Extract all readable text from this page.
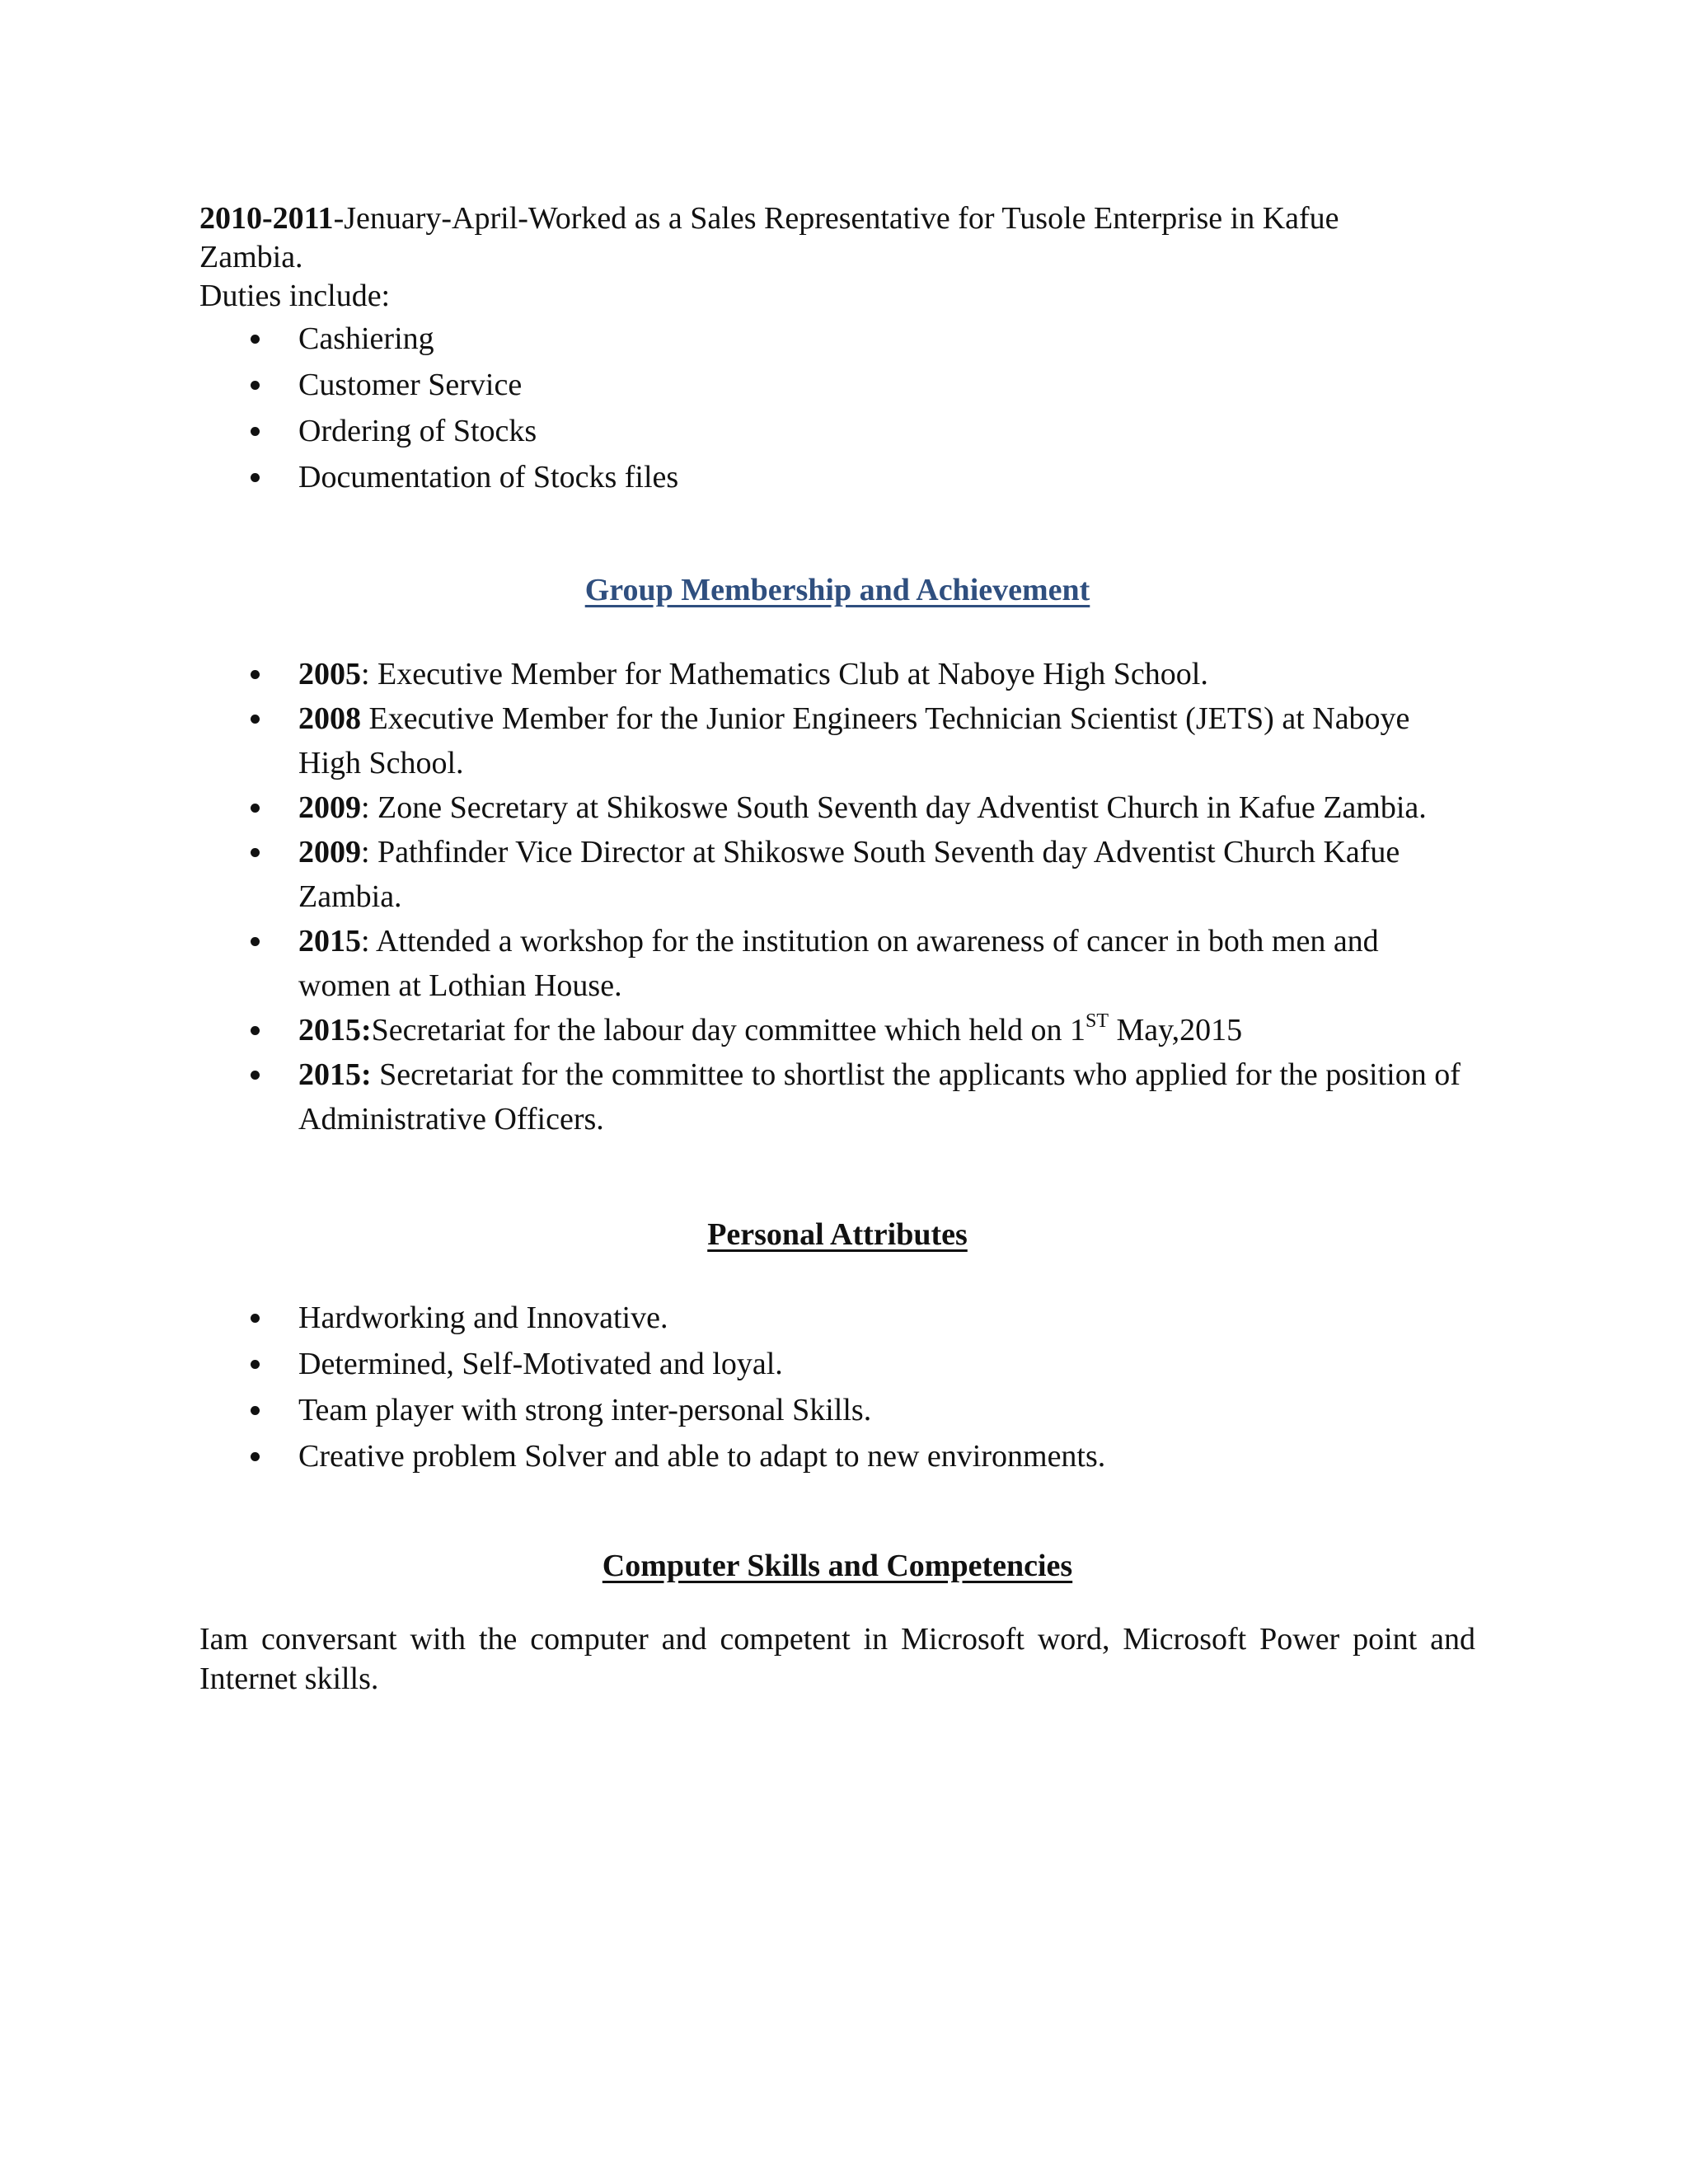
2010-2011-Jenuary-April-Worked as a Sales Representative for Tusole Enterprise in Kafue

Zambia.

Duties include:

Cashiering
Customer Service
Ordering of Stocks
Documentation of Stocks files

Group Membership and Achievement

2005: Executive Member for Mathematics Club at Naboye High School.
2008 Executive Member for the Junior Engineers Technician Scientist (JETS) at Naboye High School.
2009: Zone Secretary at Shikoswe South Seventh day Adventist Church in Kafue Zambia.
2009: Pathfinder Vice Director at Shikoswe South Seventh day Adventist Church Kafue Zambia.
2015: Attended a workshop for the institution on awareness of cancer in both men and women at Lothian House.
2015:Secretariat for the labour day committee which held on 1ST May,2015
2015: Secretariat for the committee to shortlist the applicants who applied for the position of Administrative Officers.

Personal Attributes

Hardworking and Innovative.
Determined, Self-Motivated and loyal.
Team player with strong inter-personal Skills.
Creative problem Solver and able to adapt to new environments.

Computer Skills and Competencies

Iam conversant with the computer and competent in Microsoft word, Microsoft Power point and Internet skills.
